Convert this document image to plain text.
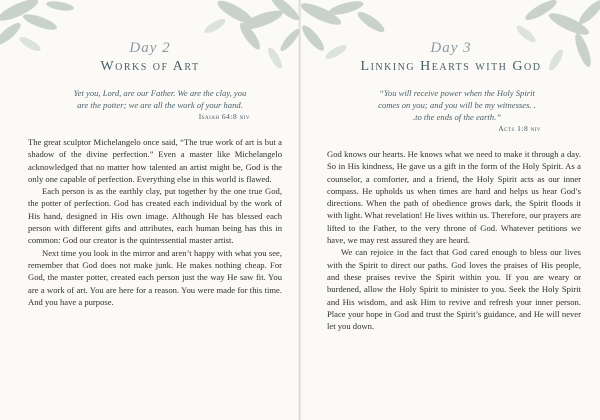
Day 2
Works of Art
Yet you, Lord, are our Father. We are the clay, you are the potter; we are all the work of your hand.
Isaiah 64:8 niv

The great sculptor Michelangelo once said, “The true work of art is but a shadow of the divine perfection.” Even a master like Michelangelo acknowledged that no matter how talented an artist might be, God is the only one capable of perfection. Everything else in this world is flawed.

Each person is as the earthly clay, put together by the one true God, the potter of perfection. God has created each individual by the work of His hand, designed in His own image. Although He has blessed each person with different gifts and attributes, each human being has this in common: God our creator is the quintessential master artist.

Next time you look in the mirror and aren’t happy with what you see, remember that God does not make junk. He makes nothing cheap. For God, the master potter, created each person just the way He saw fit. You are a work of art. You are here for a reason. You were made for this time. And you have a purpose.

Day 3
Linking Hearts with God
“You will receive power when the Holy Spirit comes on you; and you will be my witnesses. . .to the ends of the earth.”
Acts 1:8 niv

God knows our hearts. He knows what we need to make it through a day. So in His kindness, He gave us a gift in the form of the Holy Spirit. As a counselor, a comforter, and a friend, the Holy Spirit acts as our inner compass. He upholds us when times are hard and helps us hear God’s directions. When the path of obedience grows dark, the Spirit floods it with light. What revelation! He lives within us. Therefore, our prayers are lifted to the Father, to the very throne of God. Whatever petitions we have, we may rest assured they are heard.

We can rejoice in the fact that God cared enough to bless our lives with the Spirit to direct our paths. God loves the praises of His people, and these praises revive the Spirit within you. If you are weary or burdened, allow the Holy Spirit to minister to you. Seek the Holy Spirit and His wisdom, and ask Him to revive and refresh your inner person. Place your hope in God and trust the Spirit’s guidance, and He will never let you down.
